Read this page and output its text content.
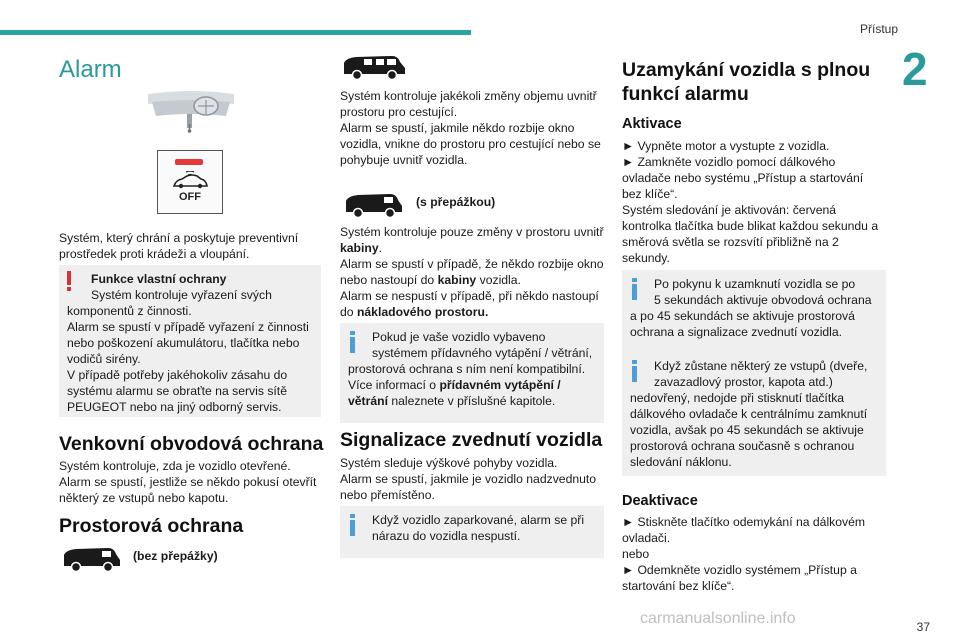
Přístup
2
37
Alarm
OFF

Systém, který chrání a poskytuje preventivní prostředek proti krádeži a vloupání.

Funkce vlastní ochrany

Systém kontroluje vyřazení svých

komponentů z činnosti.
Alarm se spustí v případě vyřazení z činnosti nebo poškození akumulátoru, tlačítka nebo vodičů sirény.
V případě potřeby jakéhokoliv zásahu do systému alarmu se obraťte na servis sítě PEUGEOT nebo na jiný odborný servis.

Venkovní obvodová ochrana

Systém kontroluje, zda je vozidlo otevřené.
Alarm se spustí, jestliže se někdo pokusí otevřít některý ze vstupů nebo kapotu.

Prostorová ochrana

(bez přepážky)

Systém kontroluje jakékoli změny objemu uvnitř prostoru pro cestující.
Alarm se spustí, jakmile někdo rozbije okno vozidla, vnikne do prostoru pro cestující nebo se pohybuje uvnitř vozidla.

(s přepážkou)

Systém kontroluje pouze změny v prostoru uvnitř kabiny.

Alarm se spustí v případě, že někdo rozbije okno nebo nastoupí do kabiny vozidla.

Alarm se nespustí v případě, při někdo nastoupí do nákladového prostoru.

Pokud je vaše vozidlo vybaveno

systémem přídavného vytápění / větrání,

prostorová ochrana s ním není kompatibilní.

Více informací o přídavném vytápění /

větrání naleznete v příslušné kapitole.

Signalizace zvednutí vozidla

Systém sleduje výškové pohyby vozidla.
Alarm se spustí, jakmile je vozidlo nadzvednuto nebo přemístěno.

Když vozidlo zaparkované, alarm se při

nárazu do vozidla nespustí.

Uzamykání vozidla s plnou funkcí alarmu
Aktivace

► Vypněte motor a vystupte z vozidla.
► Zamkněte vozidlo pomocí dálkového ovladače nebo systému „Přístup a startování bez klíče“.
Systém sledování je aktivován: červená kontrolka tlačítka bude blikat každou sekundu a směrová světla se rozsvítí přibližně na 2 sekundy.

Po pokynu k uzamknutí vozidla se po

5 sekundách aktivuje obvodová ochrana

a po 45 sekundách se aktivuje prostorová ochrana a signalizace zvednutí vozidla.

Když zůstane některý ze vstupů (dveře,

zavazadlový prostor, kapota atd.)

nedovřený, nedojde při stisknutí tlačítka dálkového ovladače k centrálnímu zamknutí vozidla, avšak po 45 sekundách se aktivuje prostorová ochrana současně s ochranou sledování náklonu.

Deaktivace

► Stiskněte tlačítko odemykání na dálkovém ovladači.
nebo
► Odemkněte vozidlo systémem „Přístup a startování bez klíče“.

carmanualsonline.info
